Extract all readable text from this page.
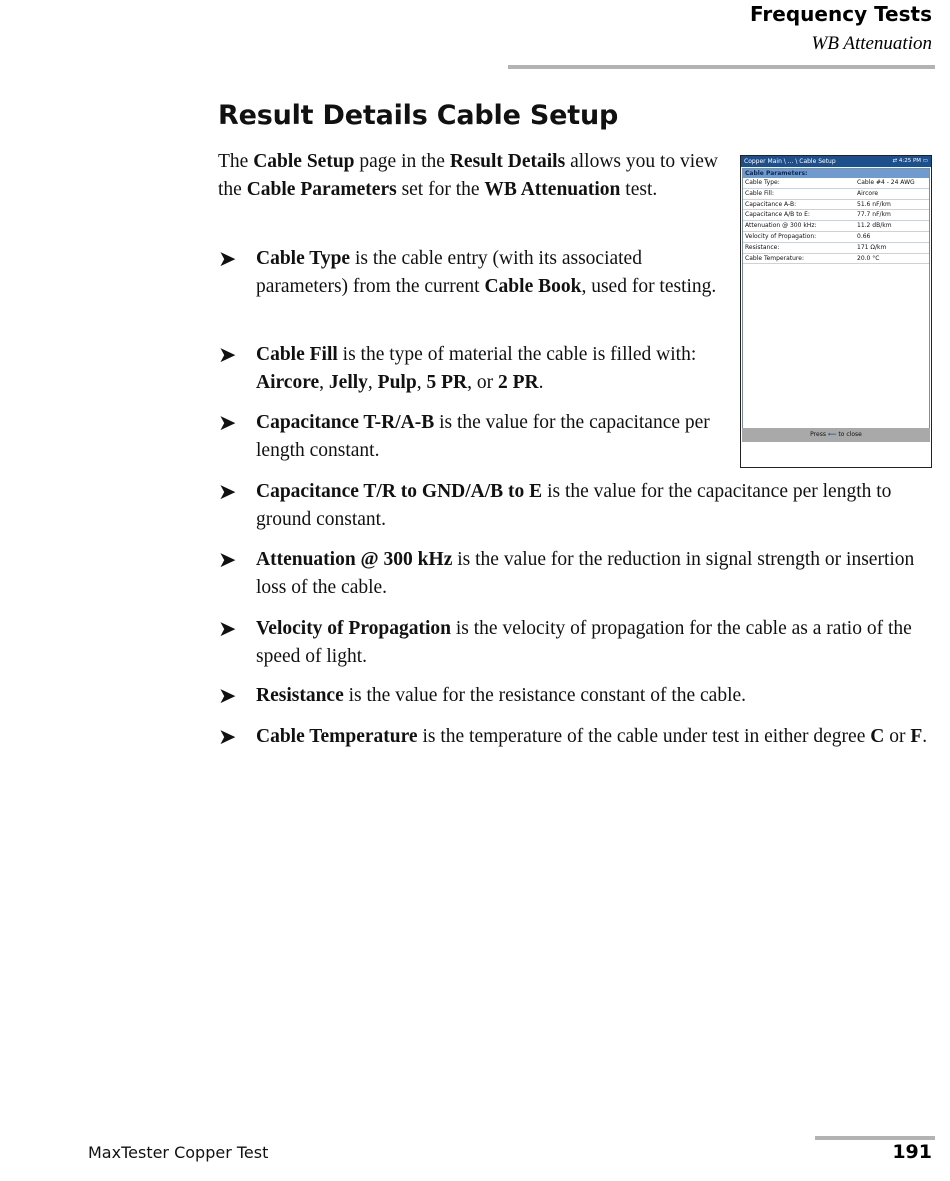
Frequency Tests
WB Attenuation
Result Details Cable Setup

The Cable Setup page in the Result Details allows you to view the Cable Parameters set for the WB Attenuation test.

➤	Cable Type is the cable entry (with its associated parameters) from the current Cable Book, used for testing.
➤	Cable Fill is the type of material the cable is filled with: Aircore, Jelly, Pulp, 5 PR, or 2 PR.
➤	Capacitance T-R/A-B is the value for the capacitance per length constant.
➤	Capacitance T/R to GND/A/B to E is the value for the capacitance per length to ground constant.
➤	Attenuation @ 300 kHz is the value for the reduction in signal strength or insertion loss of the cable.
➤	Velocity of Propagation is the velocity of propagation for the cable as a ratio of the speed of light.
➤	Resistance is the value for the resistance constant of the cable.
➤	Cable Temperature is the temperature of the cable under test in either degree C or F.
Copper Main \ ... \ Cable Setup	⇄ 4:25 PM ▭
Cable Parameters:
Cable Type:	Cable #4 - 24 AWG
Cable Fill:	Aircore
Capacitance A-B:	51.6 nF/km
Capacitance A/B to E:	77.7 nF/km
Attenuation @ 300 kHz:	11.2 dB/km
Velocity of Propagation:	0.66
Resistance:	171 Ω/km
Cable Temperature:	20.0 °C
Press ⟵ to close
MaxTester Copper Test	191
